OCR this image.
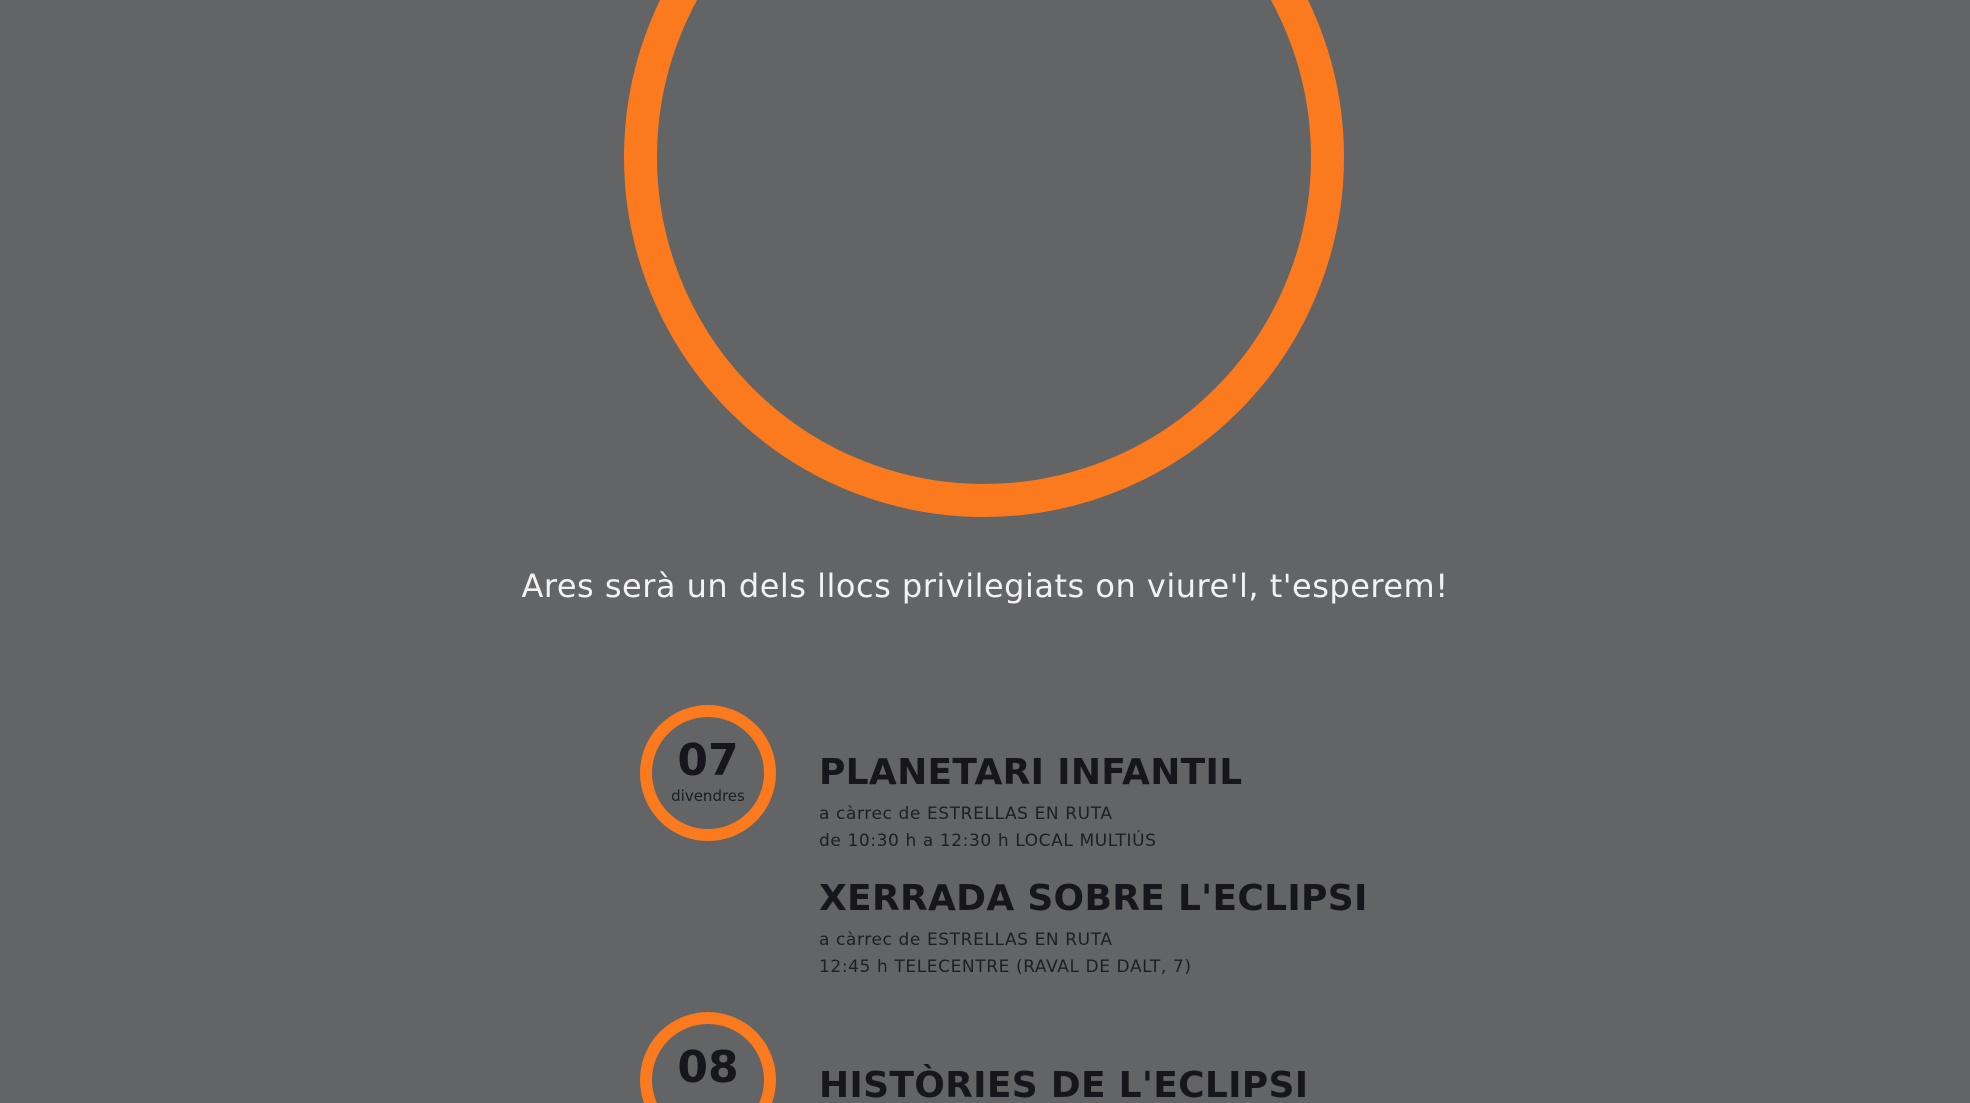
Ares serà un dels llocs privilegiats on viure'l, t'esperem!
07
divendres
PLANETARI INFANTIL
a càrrec de ESTRELLAS EN RUTA
de 10:30 h a 12:30 h LOCAL MULTIÚS
XERRADA SOBRE L'ECLIPSI
a càrrec de ESTRELLAS EN RUTA
12:45 h TELECENTRE (RAVAL DE DALT, 7)
08	HISTÒRIES DE L'ECLIPSI
